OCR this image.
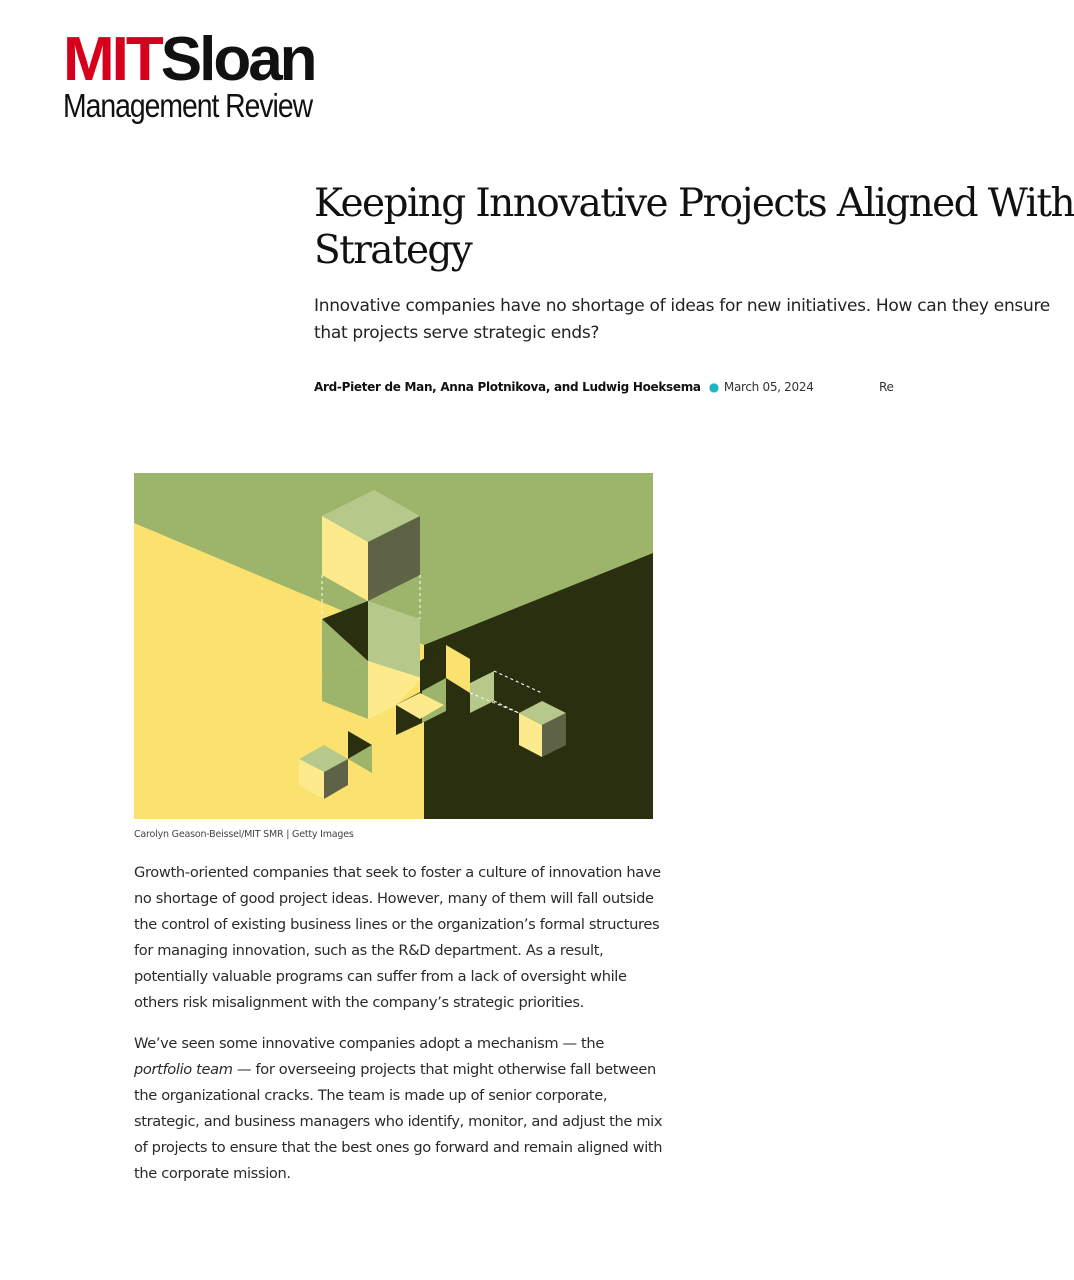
MITSloan
Management Review
Keeping Innovative Projects Aligned With Strategy
Innovative companies have no shortage of ideas for new initiatives. How can they ensure that projects serve strategic ends?
Ard-Pieter de Man, Anna Plotnikova, and Ludwig Hoeksema ● March 05, 2024	Re
Carolyn Geason-Beissel/MIT SMR | Getty Images

Growth-oriented companies that seek to foster a culture of innovation have no shortage of good project ideas. However, many of them will fall outside the control of existing business lines or the organization’s formal structures for managing innovation, such as the R&D department. As a result, potentially valuable programs can suffer from a lack of oversight while others risk misalignment with the company’s strategic priorities.

We’ve seen some innovative companies adopt a mechanism — the portfolio team — for overseeing projects that might otherwise fall between the organizational cracks. The team is made up of senior corporate, strategic, and business managers who identify, monitor, and adjust the mix of projects to ensure that the best ones go forward and remain aligned with the corporate mission.
